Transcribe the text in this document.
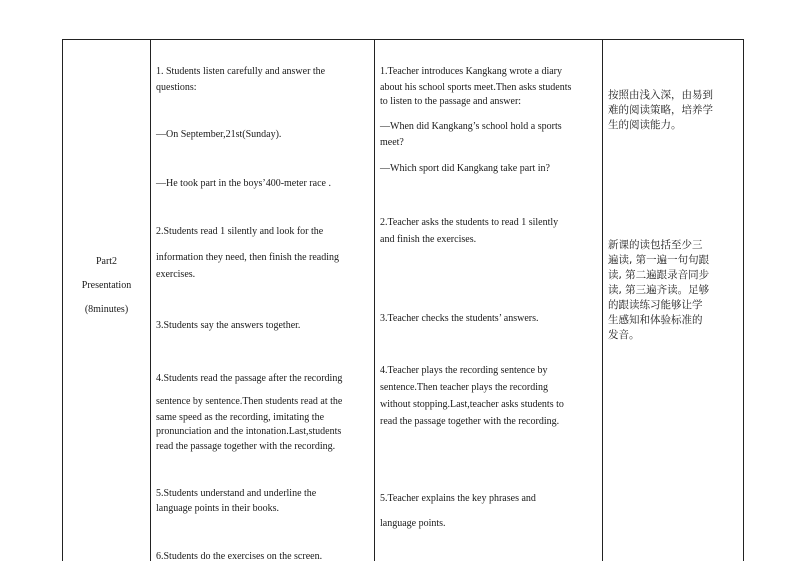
Part2
Presentation
(8minutes)
1. Students listen carefully and answer the
questions:
—On September,21st(Sunday).
—He took part in the boys’400-meter race .
2.Students read 1 silently and look for the
information they need, then finish the reading
exercises.
3.Students say the answers together.
4.Students read the passage after the recording
sentence by sentence.Then students read at the
same speed as the recording, imitating the
pronunciation and the intonation.Last,students
read the passage together with the recording.
5.Students understand and underline the
language points in their books.
6.Students do the exercises on the screen.
1.Teacher introduces Kangkang wrote a diary
about his school sports meet.Then asks students
to listen to the passage and answer:
—When did Kangkang’s school hold a sports
meet?
—Which sport did Kangkang take part in?
2.Teacher asks the students to read 1 silently
and finish the exercises.
3.Teacher checks the students’ answers.
4.Teacher plays the recording sentence by
sentence.Then teacher plays the recording
without stopping.Last,teacher asks students to
read the passage together with the recording.
5.Teacher explains the key phrases and
language points.
按照由浅入深，由易到
难的阅读策略，培养学
生的阅读能力。
新课的读包括至少三
遍读, 第一遍一句句跟
读, 第二遍跟录音同步
读, 第三遍齐读。足够
的跟读练习能够让学
生感知和体验标准的
发音。
